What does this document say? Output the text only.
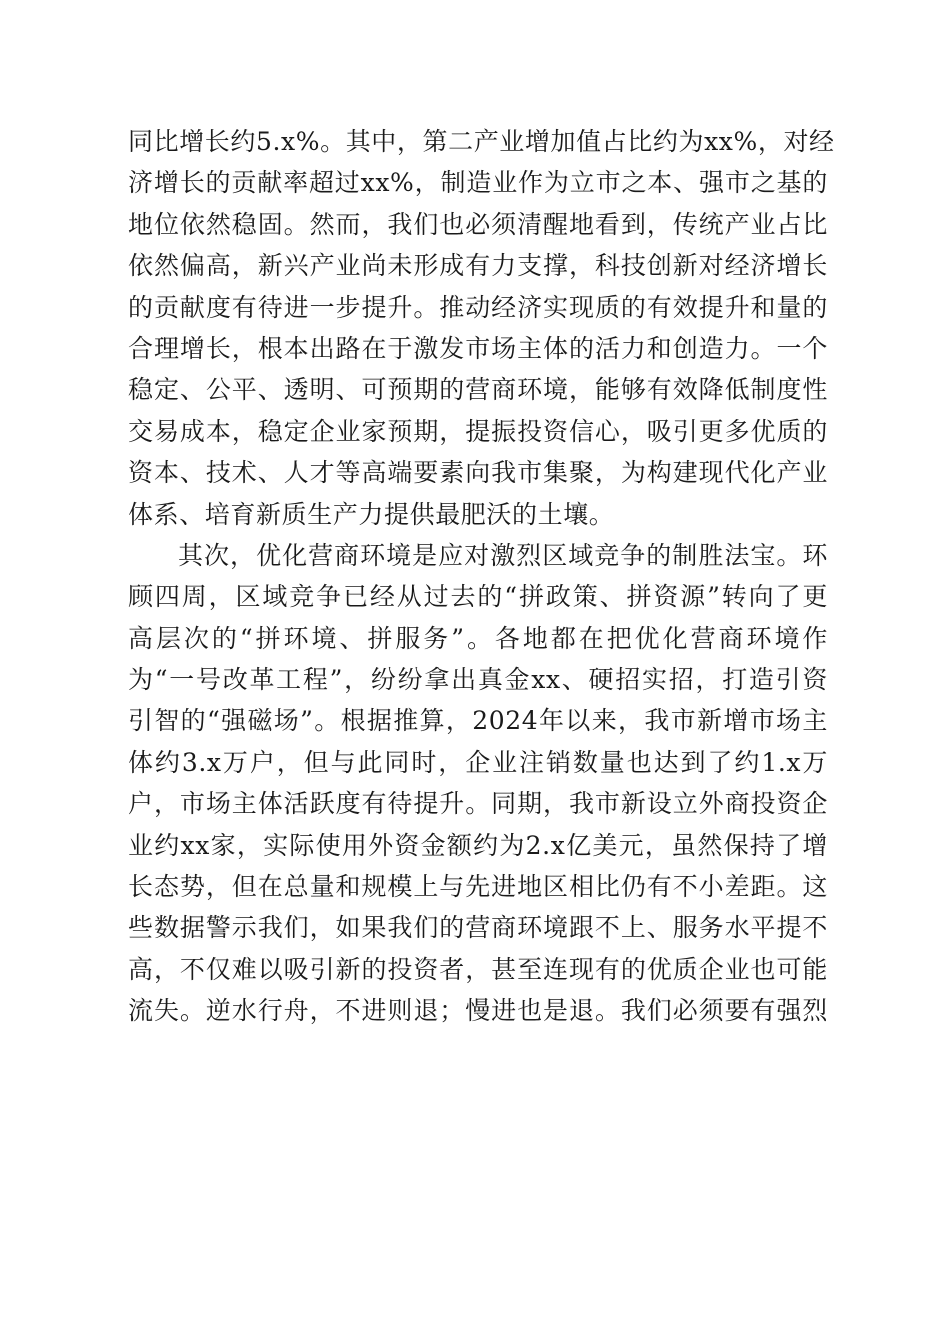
同比增长约5.x%。其中，第二产业增加值占比约为xx%，对经
济增长的贡献率超过xx%，制造业作为立市之本、强市之基的
地位依然稳固。然而，我们也必须清醒地看到，传统产业占比
依然偏高，新兴产业尚未形成有力支撑，科技创新对经济增长
的贡献度有待进一步提升。推动经济实现质的有效提升和量的
合理增长，根本出路在于激发市场主体的活力和创造力。一个
稳定、公平、透明、可预期的营商环境，能够有效降低制度性
交易成本，稳定企业家预期，提振投资信心，吸引更多优质的
资本、技术、人才等高端要素向我市集聚，为构建现代化产业
体系、培育新质生产力提供最肥沃的土壤。
其次，优化营商环境是应对激烈区域竞争的制胜法宝。环
顾四周，区域竞争已经从过去的“拼政策、拼资源”转向了更
高层次的“拼环境、拼服务”。各地都在把优化营商环境作
为“一号改革工程”，纷纷拿出真金xx、硬招实招，打造引资
引智的“强磁场”。根据推算，2024年以来，我市新增市场主
体约3.x万户，但与此同时，企业注销数量也达到了约1.x万
户，市场主体活跃度有待提升。同期，我市新设立外商投资企
业约xx家，实际使用外资金额约为2.x亿美元，虽然保持了增
长态势，但在总量和规模上与先进地区相比仍有不小差距。这
些数据警示我们，如果我们的营商环境跟不上、服务水平提不
高，不仅难以吸引新的投资者，甚至连现有的优质企业也可能
流失。逆水行舟，不进则退；慢进也是退。我们必须要有强烈
